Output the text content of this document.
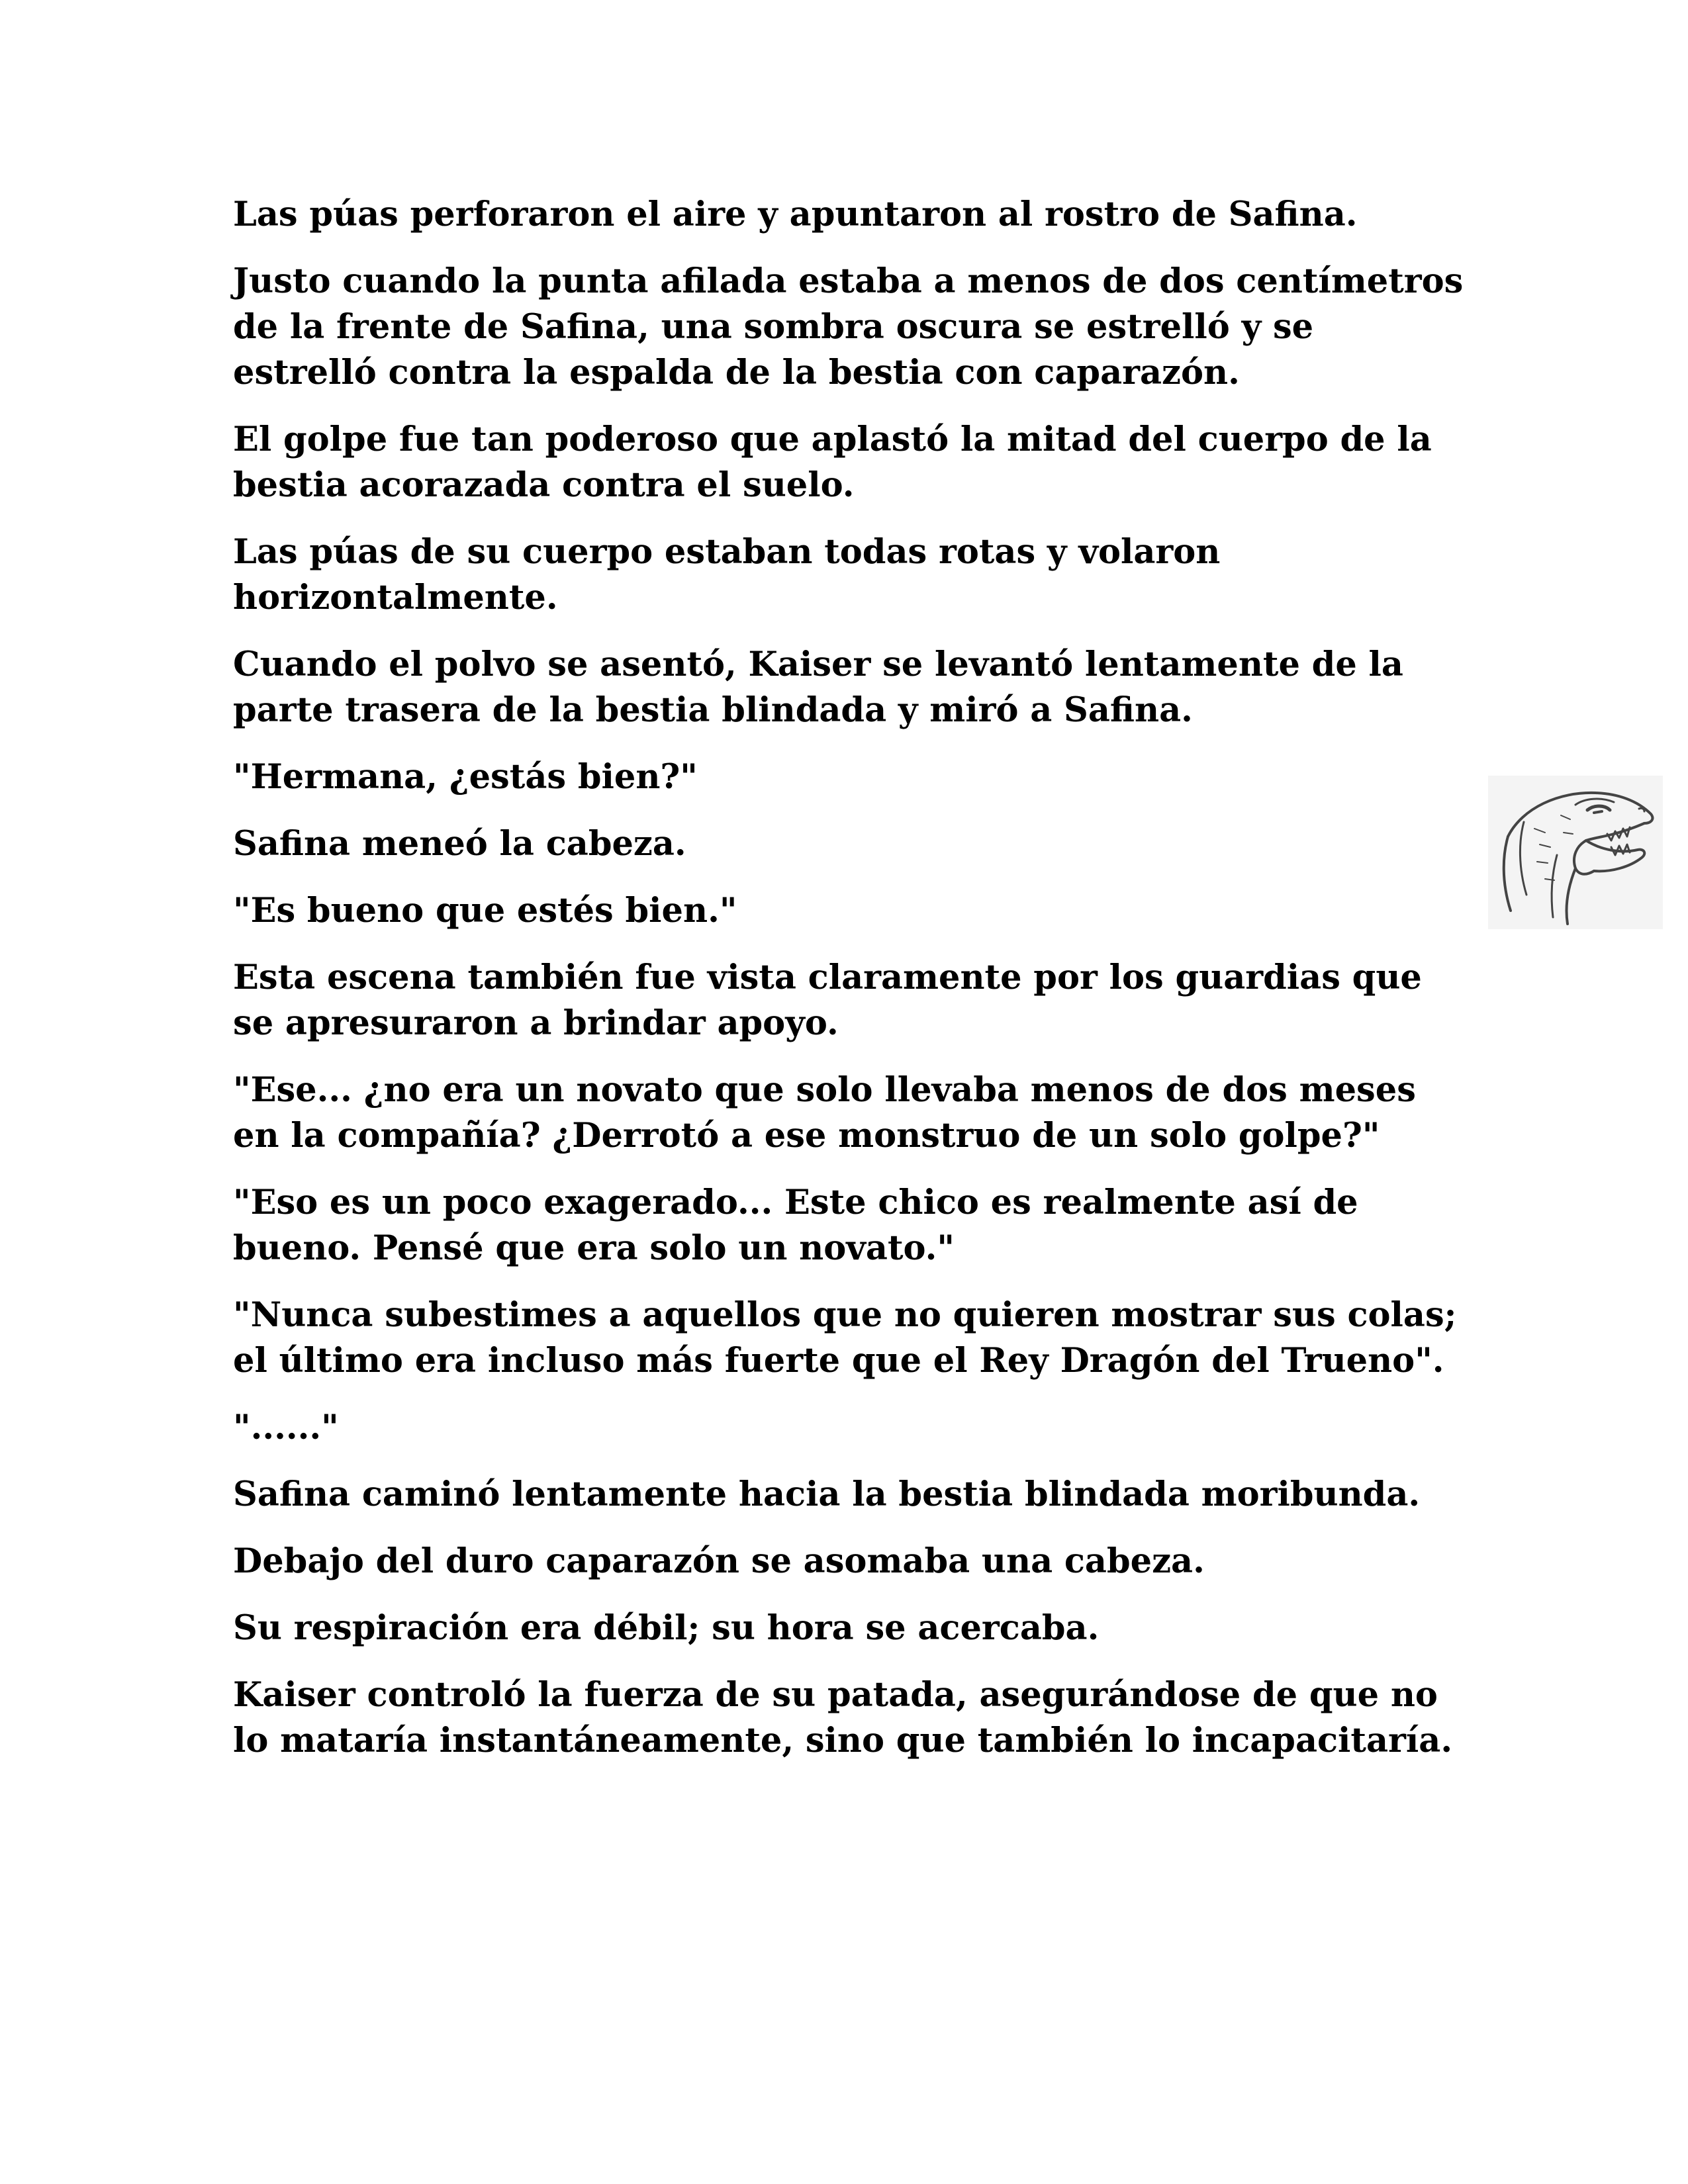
Las púas perforaron el aire y apuntaron al rostro de Safina.

Justo cuando la punta afilada estaba a menos de dos centímetros de la frente de Safina, una sombra oscura se estrelló y se estrelló contra la espalda de la bestia con caparazón.

El golpe fue tan poderoso que aplastó la mitad del cuerpo de la bestia acorazada contra el suelo.

Las púas de su cuerpo estaban todas rotas y volaron horizontalmente.

Cuando el polvo se asentó, Kaiser se levantó lentamente de la parte trasera de la bestia blindada y miró a Safina.

"Hermana, ¿estás bien?"

Safina meneó la cabeza.

"Es bueno que estés bien."

Esta escena también fue vista claramente por los guardias que se apresuraron a brindar apoyo.

"Ese... ¿no era un novato que solo llevaba menos de dos meses en la compañía? ¿Derrotó a ese monstruo de un solo golpe?"

"Eso es un poco exagerado... Este chico es realmente así de bueno. Pensé que era solo un novato."

"Nunca subestimes a aquellos que no quieren mostrar sus colas; el último era incluso más fuerte que el Rey Dragón del Trueno".

"......"

Safina caminó lentamente hacia la bestia blindada moribunda.

Debajo del duro caparazón se asomaba una cabeza.

Su respiración era débil; su hora se acercaba.

Kaiser controló la fuerza de su patada, asegurándose de que no lo mataría instantáneamente, sino que también lo incapacitaría.
